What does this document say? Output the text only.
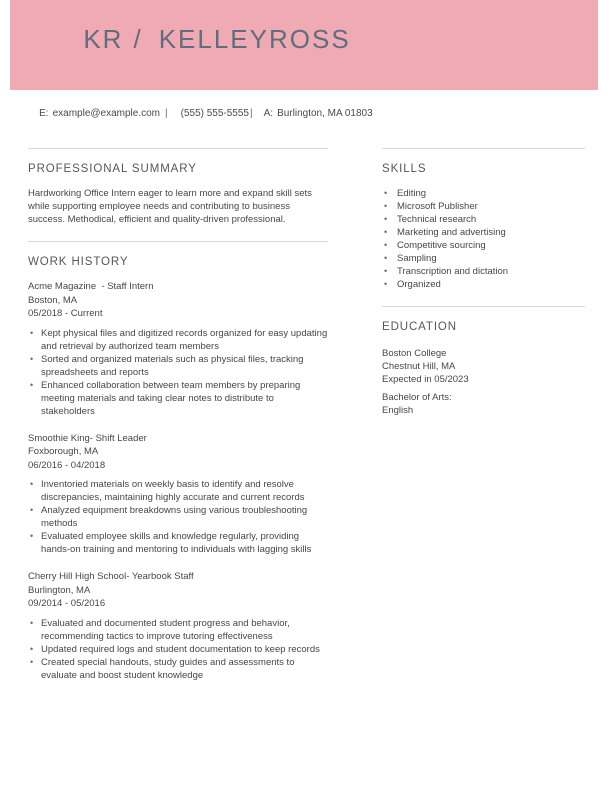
KR / KELLEYROSS

E: example@example.com | (555) 555-5555| A: Burlington, MA 01803

PROFESSIONAL SUMMARY

Hardworking Office Intern eager to learn more and expand skill sets while supporting employee needs and contributing to business success. Methodical, efficient and quality-driven professional.

WORK HISTORY
Acme Magazine  - Staff Intern
Boston, MA
05/2018 - Current
• Kept physical files and digitized records organized for easy updating and retrieval by authorized team members
• Sorted and organized materials such as physical files, tracking spreadsheets and reports
• Enhanced collaboration between team members by preparing meeting materials and taking clear notes to distribute to stakeholders
Smoothie King- Shift Leader
Foxborough, MA
06/2016 - 04/2018
• Inventoried materials on weekly basis to identify and resolve discrepancies, maintaining highly accurate and current records
• Analyzed equipment breakdowns using various troubleshooting methods
• Evaluated employee skills and knowledge regularly, providing hands-on training and mentoring to individuals with lagging skills
Cherry Hill High School- Yearbook Staff
Burlington, MA
09/2014 - 05/2016
• Evaluated and documented student progress and behavior, recommending tactics to improve tutoring effectiveness
• Updated required logs and student documentation to keep records
• Created special handouts, study guides and assessments to evaluate and boost student knowledge
SKILLS
•	Editing
•	Microsoft Publisher
•	Technical research
•	Marketing and advertising
•	Competitive sourcing
•	Sampling
•	Transcription and dictation
•	Organized
EDUCATION
Boston College
Chestnut Hill, MA
Expected in 05/2023
Bachelor of Arts:
English
